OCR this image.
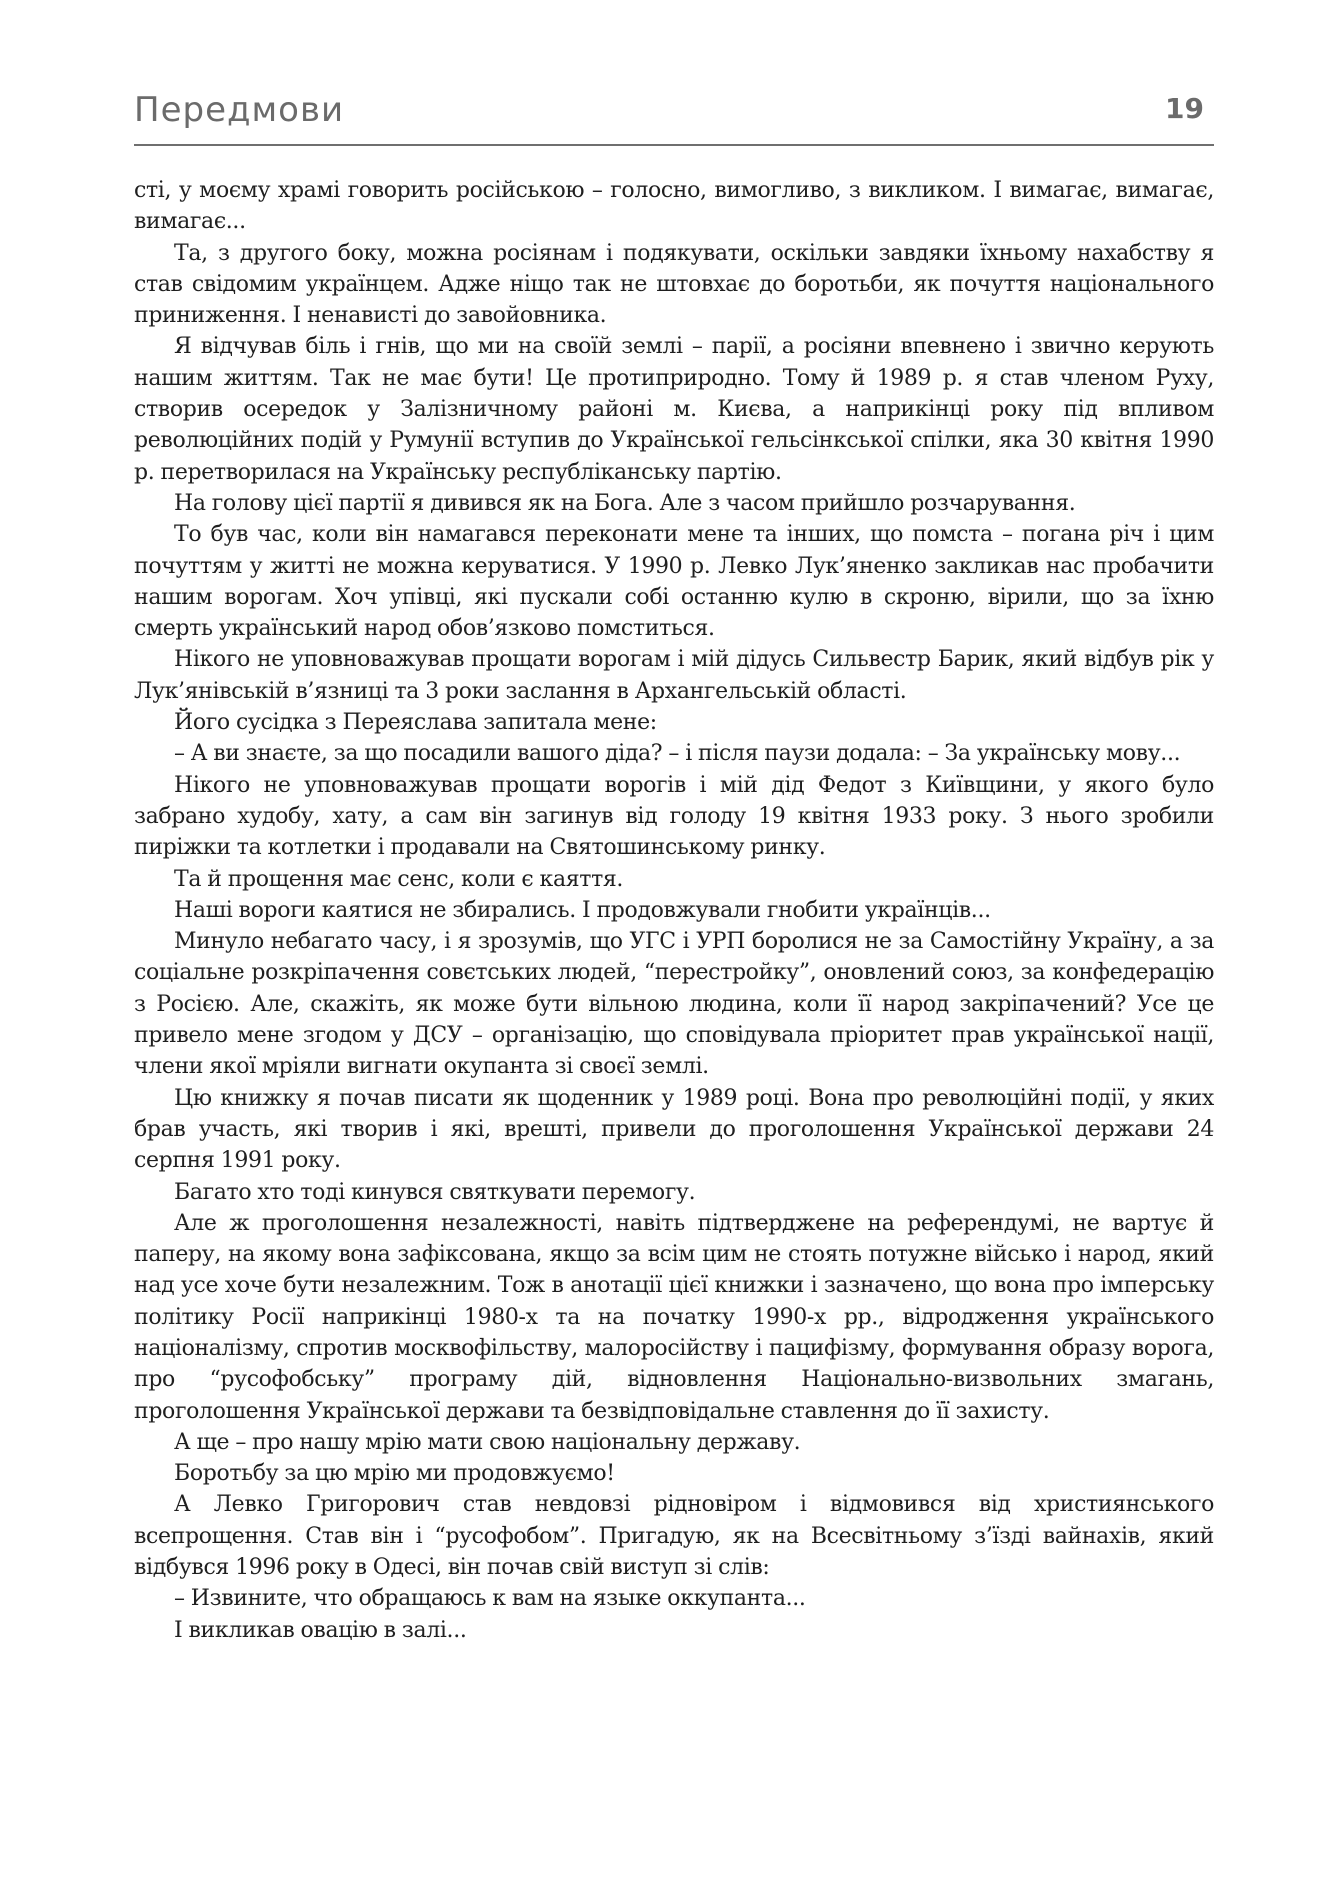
Передмови	19

сті, у моєму храмі говорить російською – голосно, вимогливо, з викликом. І вимагає, вимагає, вимагає...

Та, з другого боку, можна росіянам і подякувати, оскільки завдяки їхньому нахабству я став свідомим українцем. Адже ніщо так не штовхає до боротьби, як почуття національного приниження. І ненависті до завойовника.

Я відчував біль і гнів, що ми на своїй землі – парії, а росіяни впевнено і звично керують нашим життям. Так не має бути! Це протиприродно. Тому й 1989 р. я став членом Руху, створив осередок у Залізничному районі м. Києва, а наприкінці року під впливом революційних подій у Румунії вступив до Української гельсінкської спілки, яка 30 квітня 1990 р. перетворилася на Українську республіканську партію.

На голову цієї партії я дивився як на Бога. Але з часом прийшло розчарування.

То був час, коли він намагався переконати мене та інших, що помста – погана річ і цим почуттям у житті не можна керуватися. У 1990 р. Левко Лук’яненко закликав нас пробачити нашим ворогам. Хоч упівці, які пускали собі останню кулю в скроню, вірили, що за їхню смерть український народ обов’язково помститься.

Нікого не уповноважував прощати ворогам і мій дідусь Сильвестр Барик, який відбув рік у Лук’янівській в’язниці та 3 роки заслання в Архангельській області.

Його сусідка з Переяслава запитала мене:

– А ви знаєте, за що посадили вашого діда? – і після паузи додала: – За українську мову...

Нікого не уповноважував прощати ворогів і мій дід Федот з Київщини, у якого було забрано худобу, хату, а сам він загинув від голоду 19 квітня 1933 року. З нього зробили пиріжки та котлетки і продавали на Святошинському ринку.

Та й прощення має сенс, коли є каяття.

Наші вороги каятися не збирались. І продовжували гнобити українців...

Минуло небагато часу, і я зрозумів, що УГС і УРП боролися не за Самостійну Україну, а за соціальне розкріпачення совєтських людей, “перестройку”, оновлений союз, за конфедерацію з Росією. Але, скажіть, як може бути вільною людина, коли її народ закріпачений? Усе це привело мене згодом у ДСУ – організацію, що сповідувала пріоритет прав української нації, члени якої мріяли вигнати окупанта зі своєї землі.

Цю книжку я почав писати як щоденник у 1989 році. Вона про революційні події, у яких брав участь, які творив і які, врешті, привели до проголошення Української держави 24 серпня 1991 року.

Багато хто тоді кинувся святкувати перемогу.

Але ж проголошення незалежності, навіть підтверджене на референдумі, не вартує й паперу, на якому вона зафіксована, якщо за всім цим не стоять потужне військо і народ, який над усе хоче бути незалежним. Тож в анотації цієї книжки і зазначено, що вона про імперську політику Росії наприкінці 1980-х та на початку 1990-х рр., відродження українського націоналізму, спротив москвофільству, малоросійству і пацифізму, формування образу ворога, про “русофобську” програму дій, відновлення Національно-визвольних змагань, проголошення Української держави та безвідповідальне ставлення до її захисту.

А ще – про нашу мрію мати свою національну державу.

Боротьбу за цю мрію ми продовжуємо!

А Левко Григорович став невдовзі рідновіром і відмовився від християнського всепрощення. Став він і “русофобом”. Пригадую, як на Всесвітньому з’їзді вайнахів, який відбувся 1996 року в Одесі, він почав свій виступ зі слів:

– Извините, что обращаюсь к вам на языке оккупанта...

І викликав овацію в залі...
